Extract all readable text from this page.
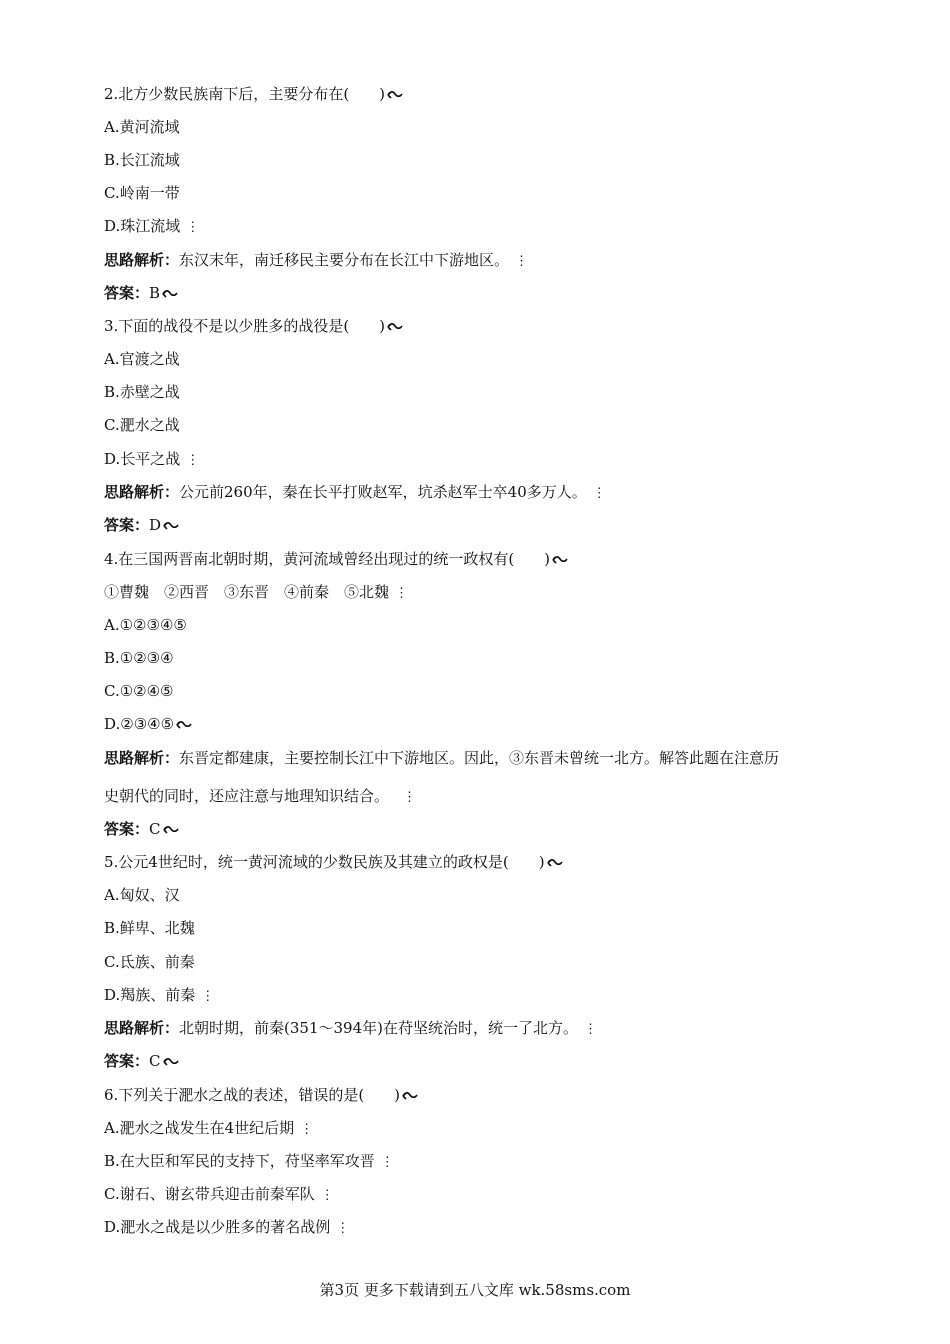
2.北方少数民族南下后，主要分布在(　　)
A.黄河流域
B.长江流域
C.岭南一带
D.珠江流域 ⋮
思路解析：东汉末年，南迁移民主要分布在长江中下游地区。 ⋮
答案：B
3.下面的战役不是以少胜多的战役是(　　)
A.官渡之战
B.赤壁之战
C.淝水之战
D.长平之战 ⋮
思路解析：公元前260年，秦在长平打败赵军，坑杀赵军士卒40多万人。 ⋮
答案：D
4.在三国两晋南北朝时期，黄河流域曾经出现过的统一政权有(　　)
①曹魏　②西晋　③东晋　④前秦　⑤北魏 ⋮
A.①②③④⑤
B.①②③④
C.①②④⑤
D.②③④⑤
思路解析：东晋定都建康，主要控制长江中下游地区。因此，③东晋未曾统一北方。解答此题在注意历
史朝代的同时，还应注意与地理知识结合。 ⋮
答案：C
5.公元4世纪时，统一黄河流域的少数民族及其建立的政权是(　　)
A.匈奴、汉
B.鲜卑、北魏
C.氐族、前秦
D.羯族、前秦 ⋮
思路解析：北朝时期，前秦(351～394年)在苻坚统治时，统一了北方。 ⋮
答案：C
6.下列关于淝水之战的表述，错误的是(　　)
A.淝水之战发生在4世纪后期 ⋮
B.在大臣和军民的支持下，苻坚率军攻晋 ⋮
C.谢石、谢玄带兵迎击前秦军队 ⋮
D.淝水之战是以少胜多的著名战例 ⋮
第3页 更多下载请到五八文库 wk.58sms.com
